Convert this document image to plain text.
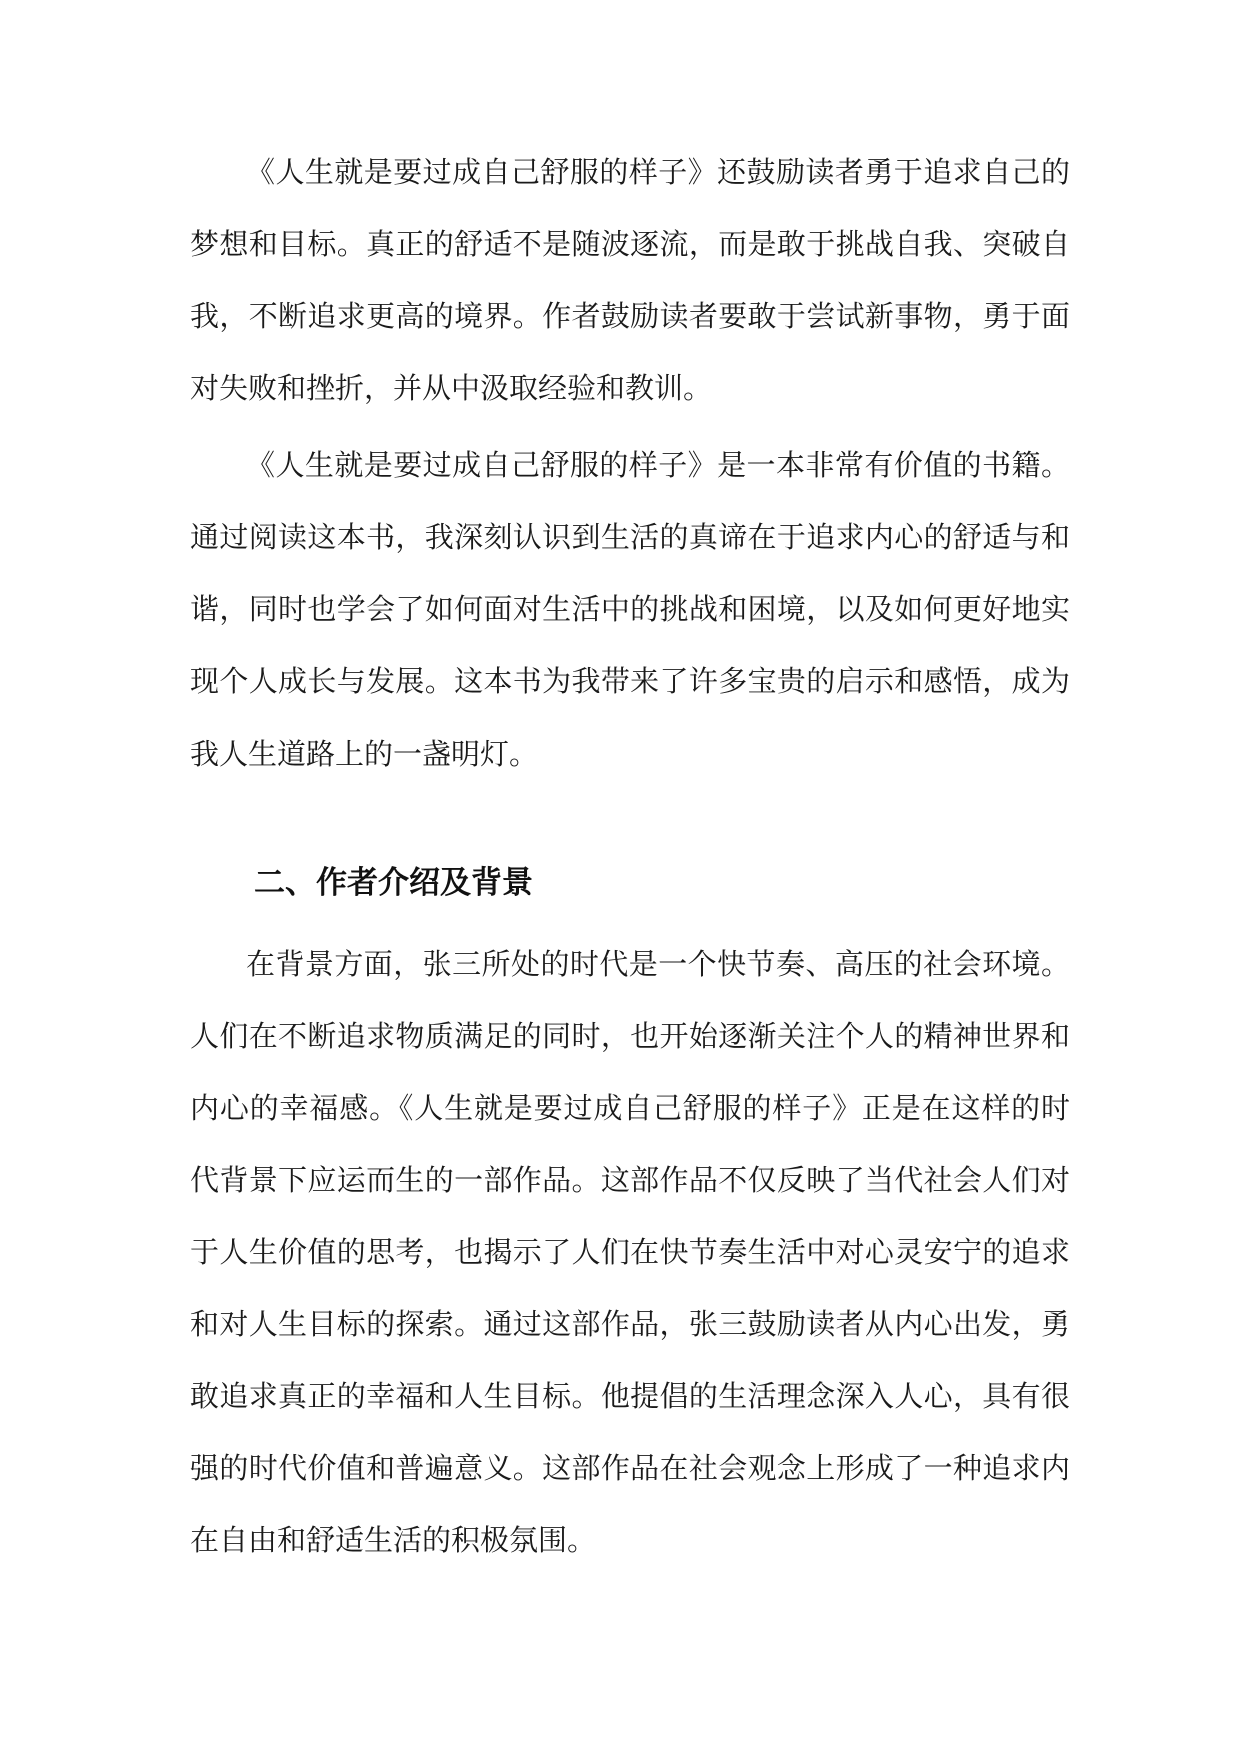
《人生就是要过成自己舒服的样子》还鼓励读者勇于追求自己的
梦想和目标。真正的舒适不是随波逐流，而是敢于挑战自我、突破自
我，不断追求更高的境界。作者鼓励读者要敢于尝试新事物，勇于面
对失败和挫折，并从中汲取经验和教训。
《人生就是要过成自己舒服的样子》是一本非常有价值的书籍。
通过阅读这本书，我深刻认识到生活的真谛在于追求内心的舒适与和
谐，同时也学会了如何面对生活中的挑战和困境，以及如何更好地实
现个人成长与发展。这本书为我带来了许多宝贵的启示和感悟，成为
我人生道路上的一盏明灯。
二、作者介绍及背景
在背景方面，张三所处的时代是一个快节奏、高压的社会环境。
人们在不断追求物质满足的同时，也开始逐渐关注个人的精神世界和
内心的幸福感。《人生就是要过成自己舒服的样子》正是在这样的时
代背景下应运而生的一部作品。这部作品不仅反映了当代社会人们对
于人生价值的思考，也揭示了人们在快节奏生活中对心灵安宁的追求
和对人生目标的探索。通过这部作品，张三鼓励读者从内心出发，勇
敢追求真正的幸福和人生目标。他提倡的生活理念深入人心，具有很
强的时代价值和普遍意义。这部作品在社会观念上形成了一种追求内
在自由和舒适生活的积极氛围。
